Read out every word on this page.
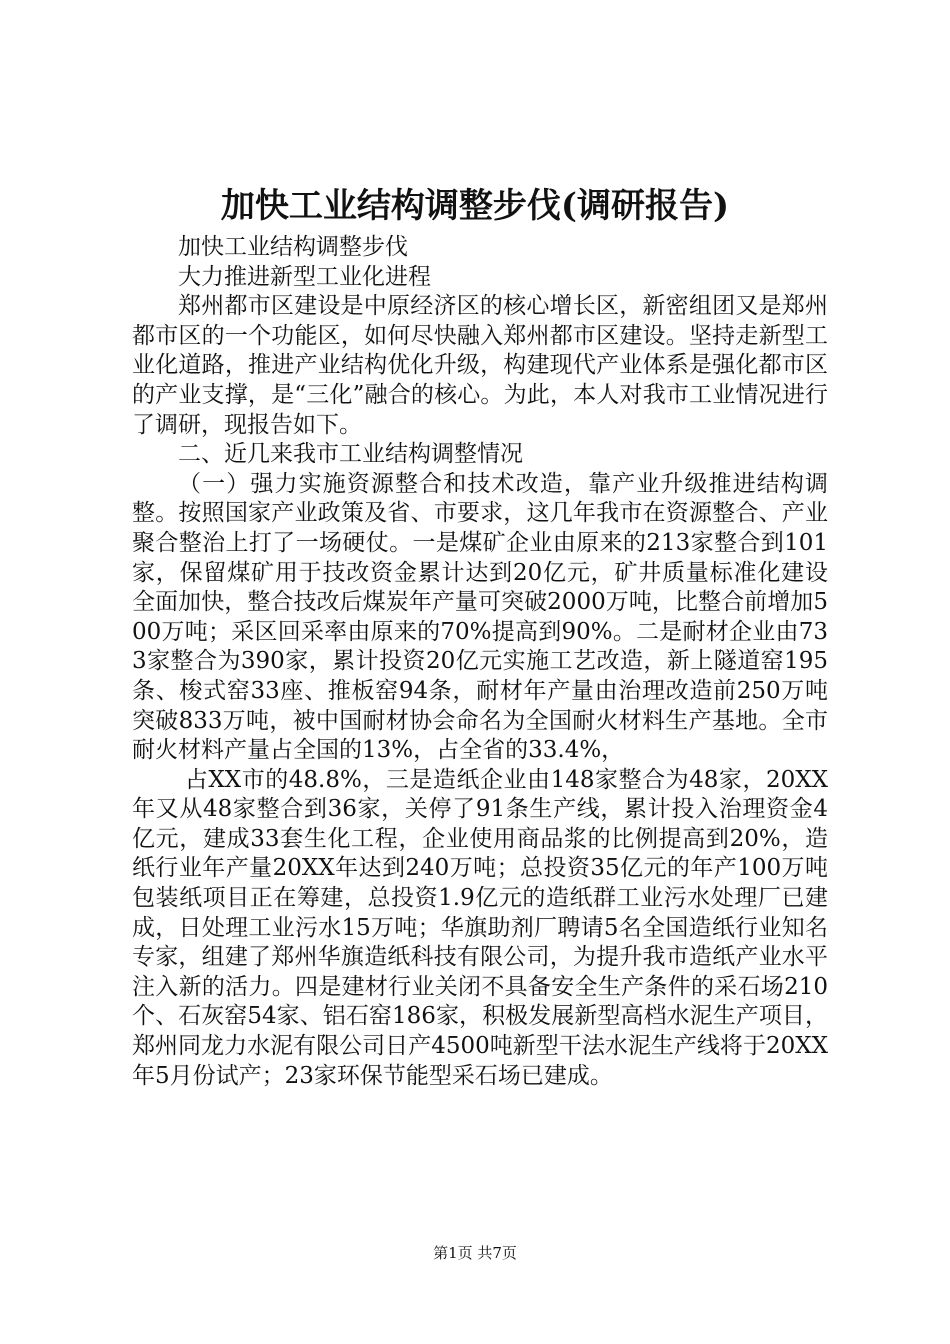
加快工业结构调整步伐(调研报告)

加快工业结构调整步伐

大力推进新型工业化进程

郑州都市区建设是中原经济区的核心增长区，新密组团又是郑州都市区的一个功能区，如何尽快融入郑州都市区建设。坚持走新型工业化道路，推进产业结构优化升级，构建现代产业体系是强化都市区的产业支撑，是“三化”融合的核心。为此，本人对我市工业情况进行了调研，现报告如下。

二、近几来我市工业结构调整情况

（一）强力实施资源整合和技术改造，靠产业升级推进结构调整。按照国家产业政策及省、市要求，这几年我市在资源整合、产业聚合整治上打了一场硬仗。一是煤矿企业由原来的213家整合到101家，保留煤矿用于技改资金累计达到20亿元，矿井质量标准化建设全面加快，整合技改后煤炭年产量可突破2000万吨，比整合前增加500万吨；采区回采率由原来的70%提高到90%。二是耐材企业由733家整合为390家，累计投资20亿元实施工艺改造，新上隧道窑195条、梭式窑33座、推板窑94条，耐材年产量由治理改造前250万吨突破833万吨，被中国耐材协会命名为全国耐火材料生产基地。全市耐火材料产量占全国的13%，占全省的33.4%，

占XX市的48.8%，三是造纸企业由148家整合为48家，20XX年又从48家整合到36家，关停了91条生产线，累计投入治理资金4亿元，建成33套生化工程，企业使用商品浆的比例提高到20%，造纸行业年产量20XX年达到240万吨；总投资35亿元的年产100万吨包装纸项目正在筹建，总投资1.9亿元的造纸群工业污水处理厂已建成，日处理工业污水15万吨；华旗助剂厂聘请5名全国造纸行业知名专家，组建了郑州华旗造纸科技有限公司，为提升我市造纸产业水平注入新的活力。四是建材行业关闭不具备安全生产条件的采石场210个、石灰窑54家、铝石窑186家，积极发展新型高档水泥生产项目，郑州同龙力水泥有限公司日产4500吨新型干法水泥生产线将于20XX年5月份试产；23家环保节能型采石场已建成。

第1页 共7页
